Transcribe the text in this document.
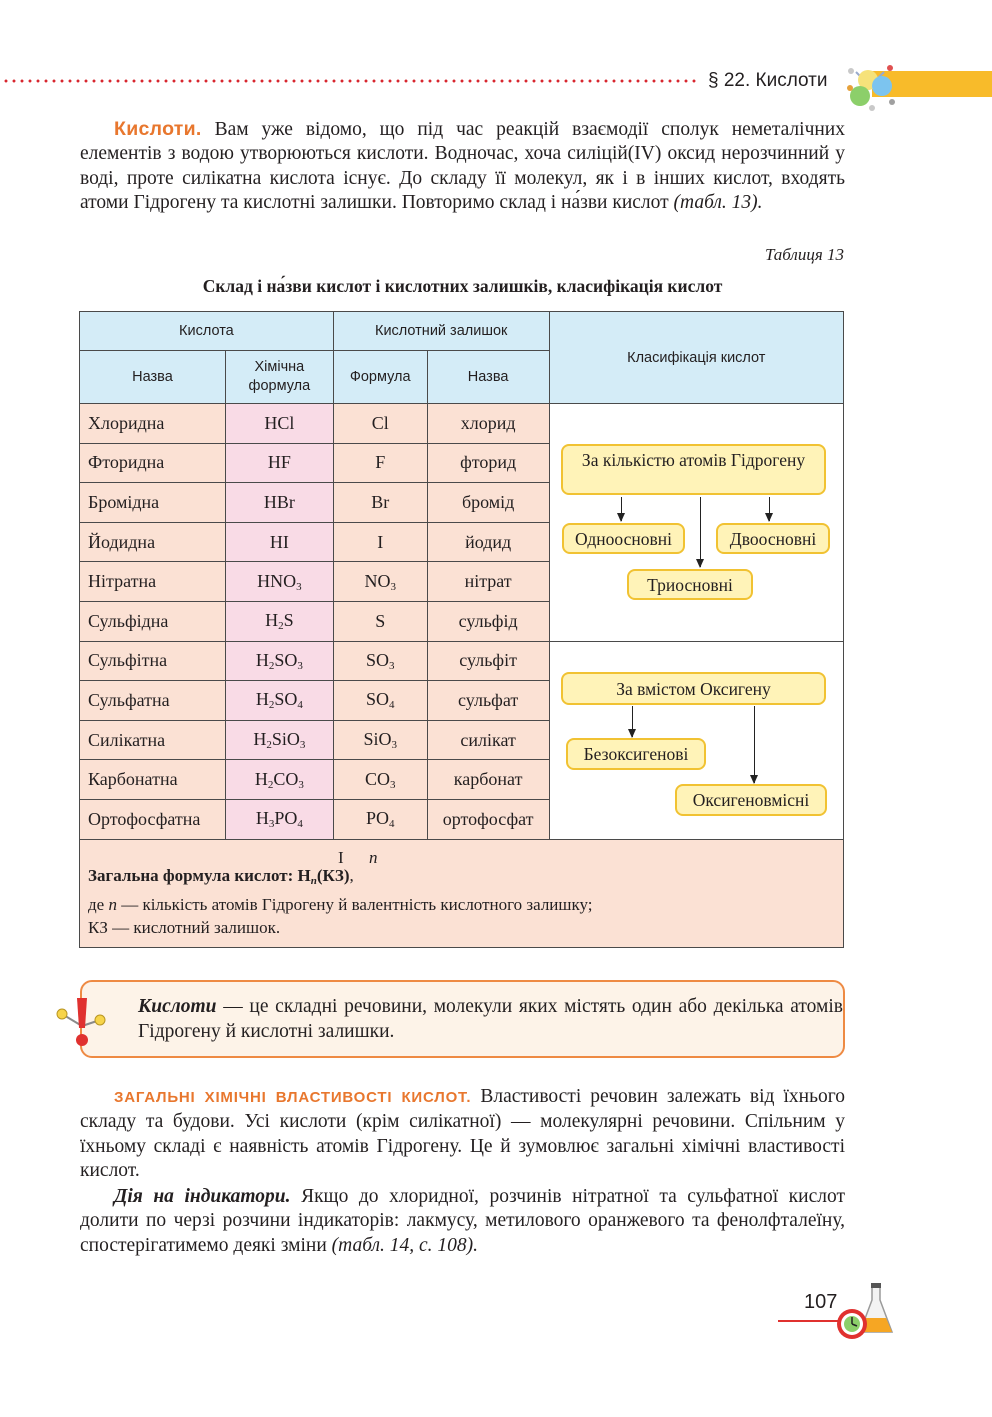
§ 22. Кислоти
Кислоти. Вам уже відомо, що під час реакцій взаємодії сполук неметалічних елементів з водою утворюються кислоти. Водночас, хоча силіцій(IV) оксид нерозчинний у воді, проте силікатна кислота існує. До складу її молекул, як і в інших кислот, входять атоми Гідрогену та кислотні залишки. Повторимо склад і на́зви кислот (табл. 13).
Таблиця 13
Склад і на́зви кислот і кислотних залишків, класифікація кислот
Кислота		Кислотний залишок		Класифікація кислот
Назва	Хімічна формула	Формула	Назва	
Хлоридна	HCl	Cl	хлорид	
Фторидна	HF	F	фторид	
Бромідна	HBr	Br	бромід	
Йодидна	HI	I	йодид	
Нітратна	$HNO_3$	$NO_3$	нітрат	
Сульфідна	$H_2S$	S	сульфід	
Сульфітна	$H_2SO_3$	$SO_3$	сульфіт	
Сульфатна	$H_2SO_4$	$SO_4$	сульфат	
Силікатна	$H_2SiO_3$	SiO$_3$	силікат	
Карбонатна	$H_2CO_3$	$CO_3$	карбонат	
Ортофосфатна	$H_3PO_4$	$PO_4$	ортофосфат	

I n
Загальна формула кислот: $H_n(КЗ)$,
де n — кількість атомів Гідрогену й валентність кислотного залишку;
КЗ — кислотний залишок.				
За кількістю атомів Гідрогену
Одноосновні	Двоосновні
Триосновні
За вмістом Оксигену
Безоксигенові
Оксигеновмісні
Кислоти — це складні речовини, молекули яких містять один або декілька атомів Гідрогену й кислотні залишки.
ЗАГАЛЬНІ ХІМІЧНІ ВЛАСТИВОСТІ КИСЛОТ. Властивості речовин залежать від їхнього складу та будови. Усі кислоти (крім силікатної) — молекулярні речовини. Спільним у їхньому складі є наявність атомів Гідрогену. Це й зумовлює загальні хімічні властивості кислот.
Дія на індикатори. Якщо до хлоридної, розчинів нітратної та сульфатної кислот долити по черзі розчини індикаторів: лакмусу, метилового оранжевого та фенолфталеїну, спостерігатимемо деякі зміни (табл. 14, с. 108).
107
